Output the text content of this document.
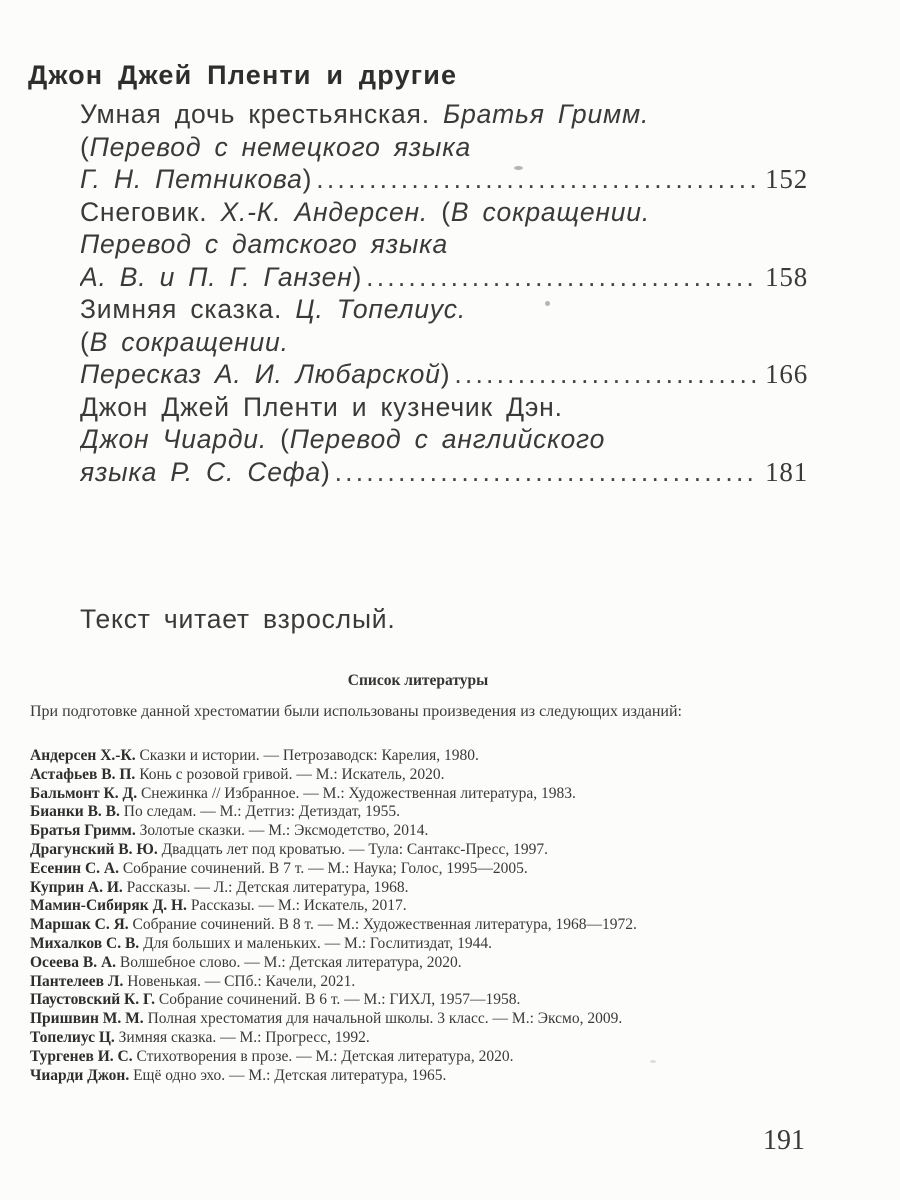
Джон Джей Пленти и другие
Умная дочь крестьянская. Братья Гримм.
(Перевод с немецкого языка
Г. Н. Петникова) .....	152
Снеговик. Х.-К. Андерсен. (В сокращении.
Перевод с датского языка
А. В. и П. Г. Ганзен) .....	158
Зимняя сказка. Ц. Топелиус.
(В сокращении.
Пересказ А. И. Любарской) .....	166
Джон Джей Пленти и кузнечик Дэн.
Джон Чиарди. (Перевод с английского
языка Р. С. Сефа) .....	181
Текст читает взрослый.
Список литературы
При подготовке данной хрестоматии были использованы произведения из следующих изданий:
Андерсен Х.-К. Сказки и истории. — Петрозаводск: Карелия, 1980.
Астафьев В. П. Конь с розовой гривой. — М.: Искатель, 2020.
Бальмонт К. Д. Снежинка // Избранное. — М.: Художественная литература, 1983.
Бианки В. В. По следам. — М.: Детгиз: Детиздат, 1955.
Братья Гримм. Золотые сказки. — М.: Эксмодетство, 2014.
Драгунский В. Ю. Двадцать лет под кроватью. — Тула: Сантакс-Пресс, 1997.
Есенин С. А. Собрание сочинений. В 7 т. — М.: Наука; Голос, 1995—2005.
Куприн А. И. Рассказы. — Л.: Детская литература, 1968.
Мамин-Сибиряк Д. Н. Рассказы. — М.: Искатель, 2017.
Маршак С. Я. Собрание сочинений. В 8 т. — М.: Художественная литература, 1968—1972.
Михалков С. В. Для больших и маленьких. — М.: Гослитиздат, 1944.
Осеева В. А. Волшебное слово. — М.: Детская литература, 2020.
Пантелеев Л. Новенькая. — СПб.: Качели, 2021.
Паустовский К. Г. Собрание сочинений. В 6 т. — М.: ГИХЛ, 1957—1958.
Пришвин М. М. Полная хрестоматия для начальной школы. 3 класс. — М.: Эксмо, 2009.
Топелиус Ц. Зимняя сказка. — М.: Прогресс, 1992.
Тургенев И. С. Стихотворения в прозе. — М.: Детская литература, 2020.
Чиарди Джон. Ещё одно эхо. — М.: Детская литература, 1965.
191
